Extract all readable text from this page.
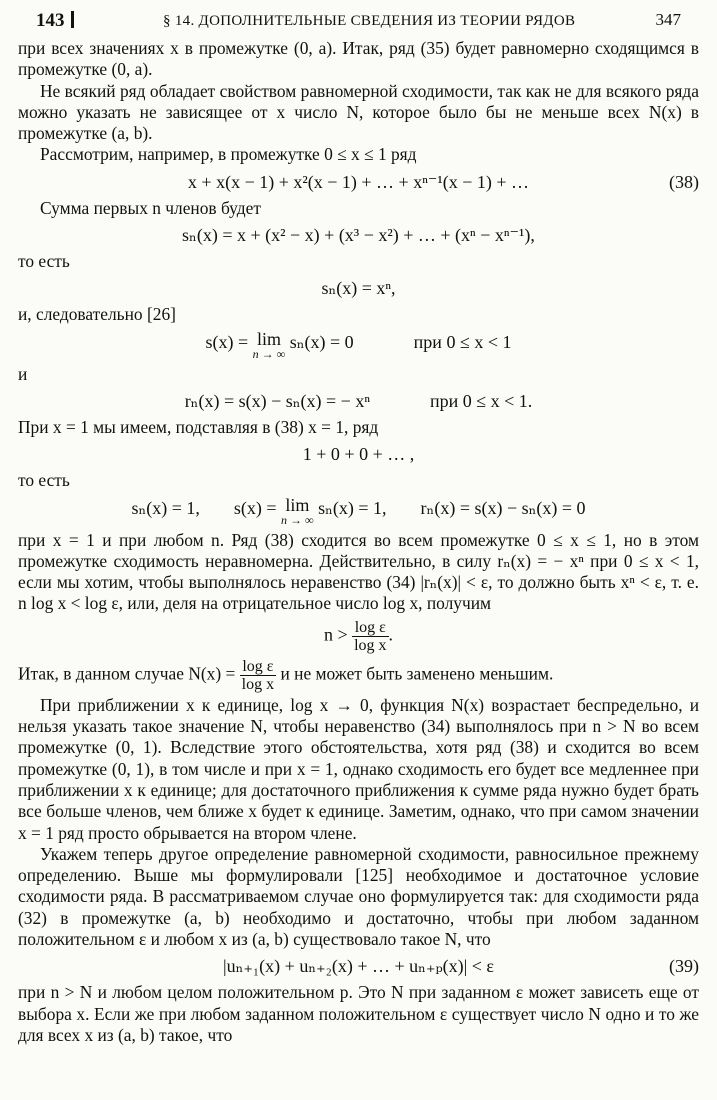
143	§ 14. ДОПОЛНИТЕЛЬНЫЕ СВЕДЕНИЯ ИЗ ТЕОРИИ РЯДОВ	347

при всех значениях x в промежутке (0, a). Итак, ряд (35) будет равномерно сходящимся в промежутке (0, a).

Не всякий ряд обладает свойством равномерной сходимости, так как не для всякого ряда можно указать не зависящее от x число N, которое было бы не меньше всех N(x) в промежутке (a, b).

Рассмотрим, например, в промежутке 0 ≤ x ≤ 1 ряд

x + x(x − 1) + x²(x − 1) + … + xⁿ⁻¹(x − 1) + …	(38)

Сумма первых n членов будет

sₙ(x) = x + (x² − x) + (x³ − x²) + … + (xⁿ − xⁿ⁻¹),

то есть

sₙ(x) = xⁿ,

и, следовательно [26]

s(x) = lim
n → ∞
sₙ(x) = 0	при 0 ≤ x < 1

и

rₙ(x) = s(x) − sₙ(x) = − xⁿ	при 0 ≤ x < 1.

При x = 1 мы имеем, подставляя в (38) x = 1, ряд

1 + 0 + 0 + … ,

то есть

sₙ(x) = 1, s(x) = lim
n → ∞
sₙ(x) = 1, rₙ(x) = s(x) − sₙ(x) = 0

при x = 1 и при любом n. Ряд (38) сходится во всем промежутке 0 ≤ x ≤ 1, но в этом промежутке сходимость неравномерна. Действительно, в силу rₙ(x) = − xⁿ при 0 ≤ x < 1, если мы хотим, чтобы выполнялось неравенство (34) |rₙ(x)| < ε, то должно быть xⁿ < ε, т. е. n log x < log ε, или, деля на отрицательное число log x, получим

$n > \frac{\text{log ε}}{\text{log x}}$ .

Итак, в данном случае $N(x) = \frac{\text{log ε}}{\text{log x}}$ и не может быть заменено меньшим.

При приближении x к единице, log x → 0, функция N(x) возрастает беспредельно, и нельзя указать такое значение N, чтобы неравенство (34) выполнялось при n > N во всем промежутке (0, 1). Вследствие этого обстоятельства, хотя ряд (38) и сходится во всем промежутке (0, 1), в том числе и при x = 1, однако сходимость его будет все медленнее при приближении x к единице; для достаточного приближения к сумме ряда нужно будет брать все больше членов, чем ближе x будет к единице. Заметим, однако, что при самом значении x = 1 ряд просто обрывается на втором члене.

Укажем теперь другое определение равномерной сходимости, равносильное прежнему определению. Выше мы формулировали [125] необходимое и достаточное условие сходимости ряда. В рассматриваемом случае оно формулируется так: для сходимости ряда (32) в промежутке (a, b) необходимо и достаточно, чтобы при любом заданном положительном ε и любом x из (a, b) существовало такое N, что

|uₙ₊₁(x) + uₙ₊₂(x) + … + uₙ₊ₚ(x)| < ε	(39)

при n > N и любом целом положительном p. Это N при заданном ε может зависеть еще от выбора x. Если же при любом заданном положительном ε существует число N одно и то же для всех x из (a, b) такое, что
